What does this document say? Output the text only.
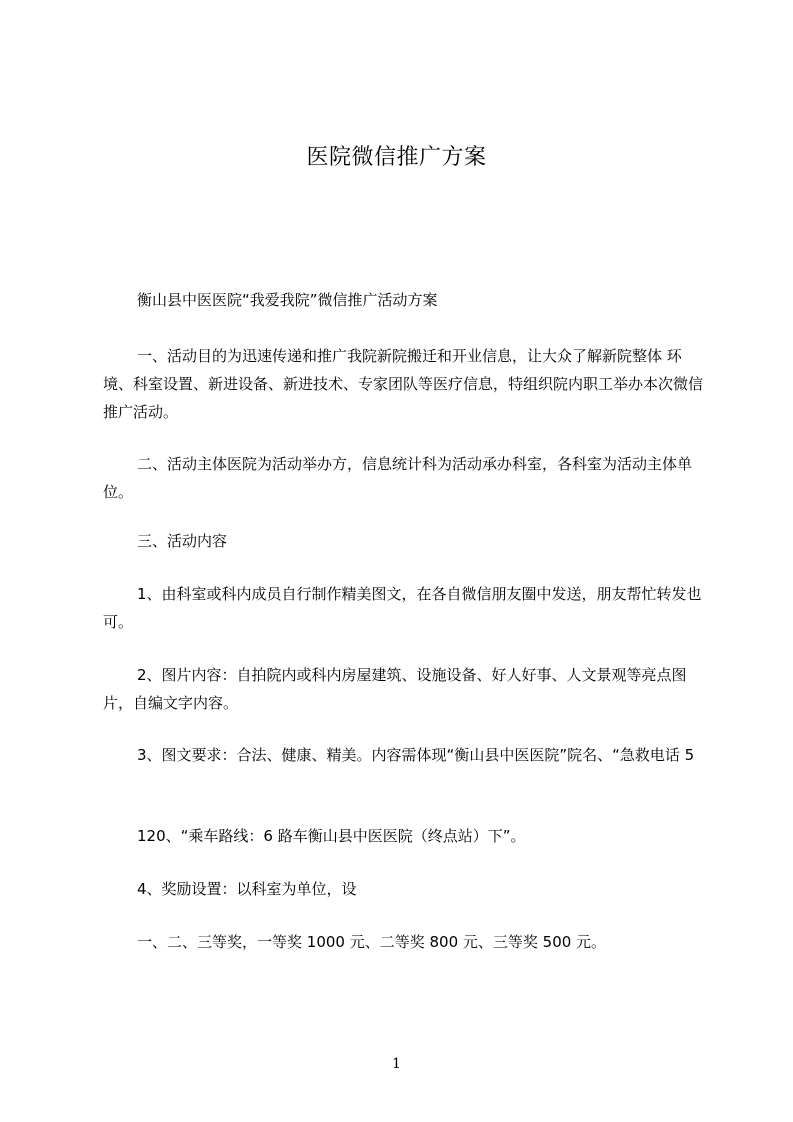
医院微信推广方案

衡山县中医医院“我爱我院”微信推广活动方案

一、活动目的为迅速传递和推广我院新院搬迁和开业信息，让大众了解新院整体 环境、科室设置、新进设备、新进技术、专家团队等医疗信息，特组织院内职工举办本次微信推广活动。

二、活动主体医院为活动举办方，信息统计科为活动承办科室，各科室为活动主体单位。

三、活动内容

1、由科室或科内成员自行制作精美图文，在各自微信朋友圈中发送，朋友帮忙转发也可。

2、图片内容：自拍院内或科内房屋建筑、设施设备、好人好事、人文景观等亮点图片，自编文字内容。

3、图文要求：合法、健康、精美。内容需体现“衡山县中医医院”院名、“急救电话 5

120、“乘车路线：6 路车衡山县中医医院（终点站）下”。

4、奖励设置：以科室为单位，设

一、二、三等奖，一等奖 1000 元、二等奖 800 元、三等奖 500 元。

1
